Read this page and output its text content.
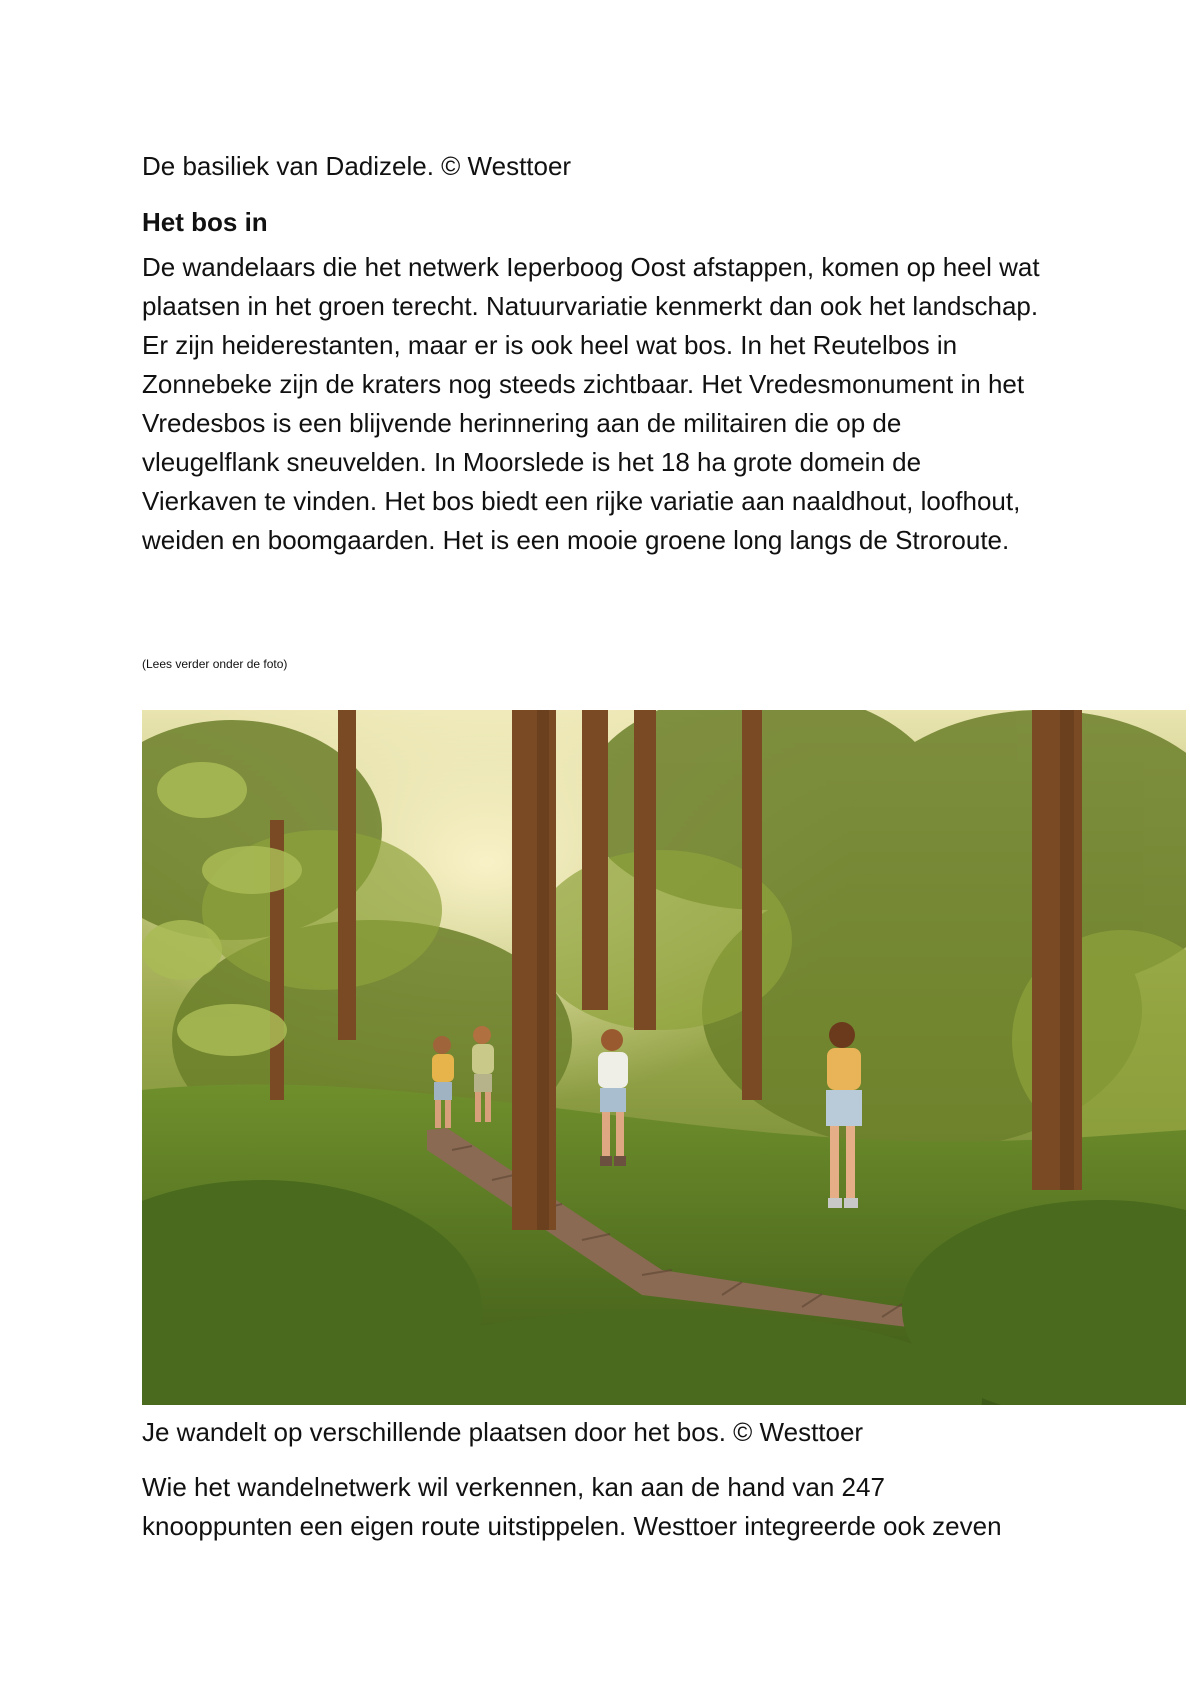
De basiliek van Dadizele. © Westtoer

Het bos in

De wandelaars die het netwerk Ieperboog Oost afstappen, komen op heel wat plaatsen in het groen terecht. Natuurvariatie kenmerkt dan ook het landschap. Er zijn heiderestanten, maar er is ook heel wat bos. In het Reutelbos in Zonnebeke zijn de kraters nog steeds zichtbaar. Het Vredesmonument in het Vredesbos is een blijvende herinnering aan de militairen die op de vleugelflank sneuvelden. In Moorslede is het 18 ha grote domein de Vierkaven te vinden. Het bos biedt een rijke variatie aan naaldhout, loofhout, weiden en boomgaarden. Het is een mooie groene long langs de Stroroute.

(Lees verder onder de foto)

Je wandelt op verschillende plaatsen door het bos. © Westtoer

Wie het wandelnetwerk wil verkennen, kan aan de hand van 247 knooppunten een eigen route uitstippelen. Westtoer integreerde ook zeven
